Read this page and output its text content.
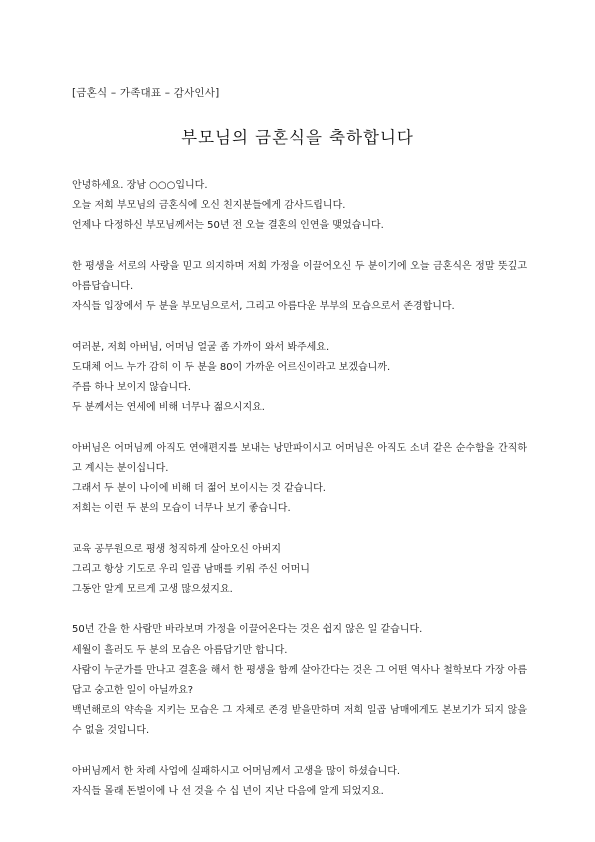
[금혼식 – 가족대표 – 감사인사]
부모님의 금혼식을 축하합니다
안녕하세요. 장남 ○○○입니다.
오늘 저희 부모님의 금혼식에 오신 친지분들에게 감사드립니다.
언제나 다정하신 부모님께서는 50년 전 오늘 결혼의 인연을 맺었습니다.
한 평생을 서로의 사랑을 믿고 의지하며 저희 가정을 이끌어오신 두 분이기에 오늘 금혼식은 정말 뜻깊고 아름답습니다.
자식들 입장에서 두 분을 부모님으로서, 그리고 아름다운 부부의 모습으로서 존경합니다.
여러분, 저희 아버님, 어머님 얼굴 좀 가까이 와서 봐주세요.
도대체 어느 누가 감히 이 두 분을 80이 가까운 어르신이라고 보겠습니까.
주름 하나 보이지 않습니다.
두 분께서는 연세에 비해 너무나 젊으시지요.
아버님은 어머님께 아직도 연애편지를 보내는 낭만파이시고 어머님은 아직도 소녀 같은 순수함을 간직하고 계시는 분이십니다.
그래서 두 분이 나이에 비해 더 젊어 보이시는 것 같습니다.
저희는 이런 두 분의 모습이 너무나 보기 좋습니다.
교육 공무원으로 평생 청직하게 살아오신 아버지
그리고 항상 기도로 우리 일곱 남매를 키워 주신 어머니
그동안 알게 모르게 고생 많으셨지요.
50년 간을 한 사람만 바라보며 가정을 이끌어온다는 것은 쉽지 않은 일 같습니다.
세월이 흘러도 두 분의 모습은 아름답기만 합니다.
사람이 누군가를 만나고 결혼을 해서 한 평생을 함께 살아간다는 것은 그 어떤 역사나 철학보다 가장 아름답고 숭고한 일이 아닐까요?
백년해로의 약속을 지키는 모습은 그 자체로 존경 받을만하며 저희 일곱 남매에게도 본보기가 되지 않을 수 없을 것입니다.
아버님께서 한 차례 사업에 실패하시고 어머님께서 고생을 많이 하셨습니다.
자식들 몰래 돈벌이에 나 선 것을 수 십 년이 지난 다음에 알게 되었지요.
